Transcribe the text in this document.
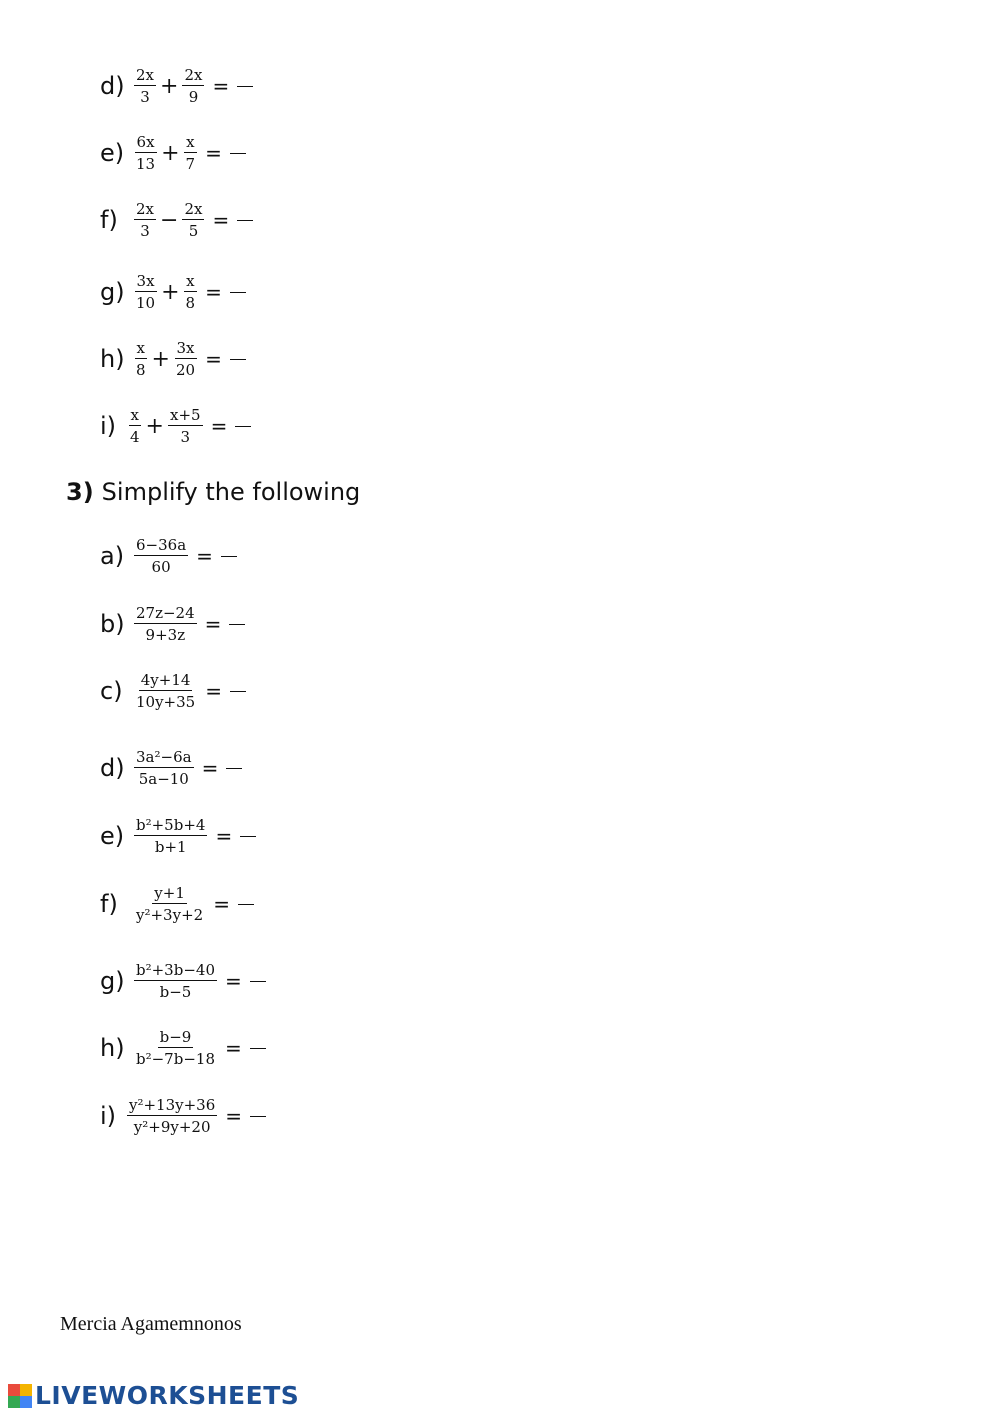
$d) \frac{2x}{3} + \frac{2x}{9}$ =
$e) \frac{6x}{13} + \frac{x}{7}$ =
$f) \frac{2x}{3} - \frac{2x}{5}$ =
$g) \frac{3x}{10} + \frac{x}{8}$ =
$h) \frac{x}{8} + \frac{3x}{20}$ =
$i) \frac{x}{4} + \frac{x+5}{3}$ =
3) Simplify the following
$a) \frac{6-36a}{60}$ =
$b) \frac{27z-24}{9+3z}$ =
$c) \frac{4y+14}{10y+35}$ =
$d) \frac{\text{3a²−6a}}{5a-10}$ =
$e) \frac{\text{b²+5b+4}}{b+1}$ =
$f) \frac{y+1}{\text{y²+3y+2}}$ =
$g) \frac{\text{b²+3b−40}}{b-5}$ =
$h) \frac{b-9}{\text{b²−7b−18}}$ =
$i) \frac{\text{y²+13y+36}}{\text{y²+9y+20}}$ =
Mercia Agamemnonos
LIVEWORKSHEETS
